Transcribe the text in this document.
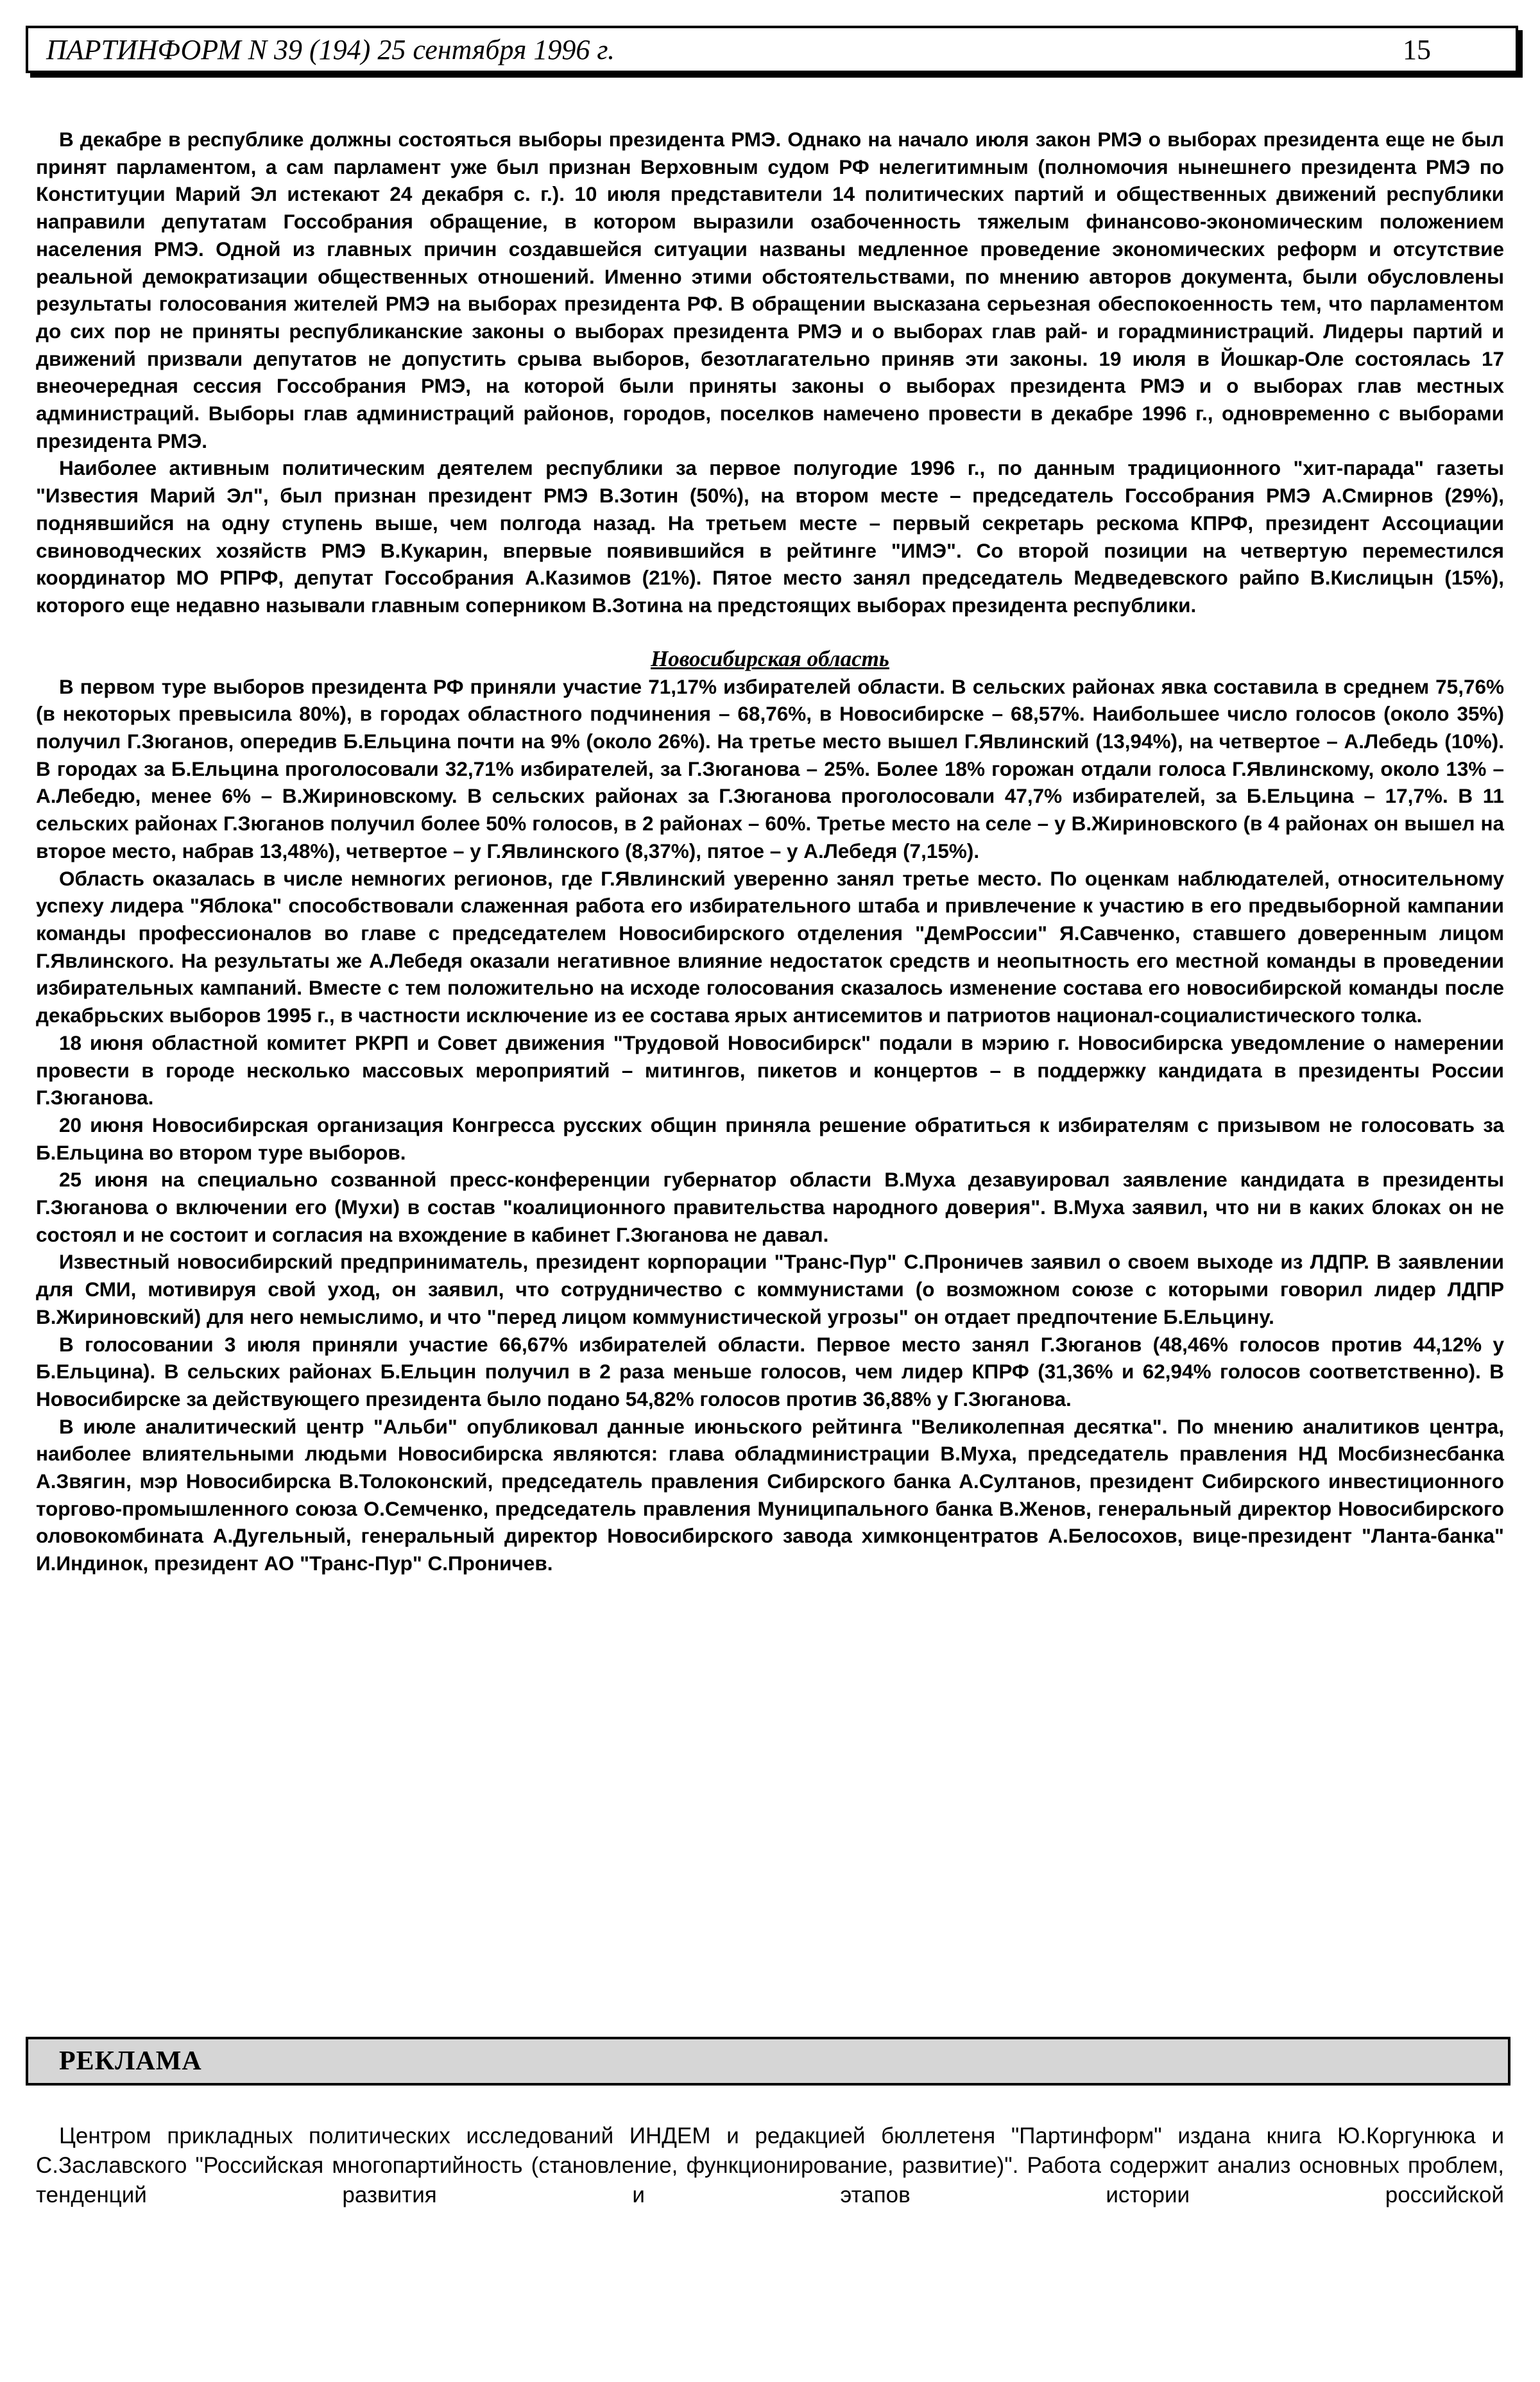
ПАРТИНФОРМ N 39 (194) 25 сентября 1996 г.	15

В декабре в республике должны состояться выборы президента РМЭ. Однако на начало июля закон РМЭ о выборах президента еще не был принят парламентом, а сам парламент уже был признан Верховным судом РФ нелегитимным (полномочия нынешнего президента РМЭ по Конституции Марий Эл истекают 24 декабря с. г.). 10 июля представители 14 политических партий и общественных движений республики направили депутатам Госсобрания обращение, в котором выразили озабоченность тяжелым финансово-экономическим положением населения РМЭ. Одной из главных причин создавшейся ситуации названы медленное проведение экономических реформ и отсутствие реальной демократизации общественных отношений. Именно этими обстоятельствами, по мнению авторов документа, были обусловлены результаты голосования жителей РМЭ на выборах президента РФ. В обращении высказана серьезная обеспокоенность тем, что парламентом до сих пор не приняты республиканские законы о выборах президента РМЭ и о выборах глав рай- и горадминистраций. Лидеры партий и движений призвали депутатов не допустить срыва выборов, безотлагательно приняв эти законы. 19 июля в Йошкар-Оле состоялась 17 внеочередная сессия Госсобрания РМЭ, на которой были приняты законы о выборах президента РМЭ и о выборах глав местных администраций. Выборы глав администраций районов, городов, поселков намечено провести в декабре 1996 г., одновременно с выборами президента РМЭ.

Наиболее активным политическим деятелем республики за первое полугодие 1996 г., по данным традиционного "хит-парада" газеты "Известия Марий Эл", был признан президент РМЭ В.Зотин (50%), на втором месте – председатель Госсобрания РМЭ А.Смирнов (29%), поднявшийся на одну ступень выше, чем полгода назад. На третьем месте – первый секретарь рескома КПРФ, президент Ассоциации свиноводческих хозяйств РМЭ В.Кукарин, впервые появившийся в рейтинге "ИМЭ". Со второй позиции на четвертую переместился координатор МО РПРФ, депутат Госсобрания А.Казимов (21%). Пятое место занял председатель Медведевского райпо В.Кислицын (15%), которого еще недавно называли главным соперником В.Зотина на предстоящих выборах президента республики.

Новосибирская область

В первом туре выборов президента РФ приняли участие 71,17% избирателей области. В сельских районах явка составила в среднем 75,76% (в некоторых превысила 80%), в городах областного подчинения – 68,76%, в Новосибирске – 68,57%. Наибольшее число голосов (около 35%) получил Г.Зюганов, опередив Б.Ельцина почти на 9% (около 26%). На третье место вышел Г.Явлинский (13,94%), на четвертое – А.Лебедь (10%). В городах за Б.Ельцина проголосовали 32,71% избирателей, за Г.Зюганова – 25%. Более 18% горожан отдали голоса Г.Явлинскому, около 13% – А.Лебедю, менее 6% – В.Жириновскому. В сельских районах за Г.Зюганова проголосовали 47,7% избирателей, за Б.Ельцина – 17,7%. В 11 сельских районах Г.Зюганов получил более 50% голосов, в 2 районах – 60%. Третье место на селе – у В.Жириновского (в 4 районах он вышел на второе место, набрав 13,48%), четвертое – у Г.Явлинского (8,37%), пятое – у А.Лебедя (7,15%).

Область оказалась в числе немногих регионов, где Г.Явлинский уверенно занял третье место. По оценкам наблюдателей, относительному успеху лидера "Яблока" способствовали слаженная работа его избирательного штаба и привлечение к участию в его предвыборной кампании команды профессионалов во главе с председателем Новосибирского отделения "ДемРоссии" Я.Савченко, ставшего доверенным лицом Г.Явлинского. На результаты же А.Лебедя оказали негативное влияние недостаток средств и неопытность его местной команды в проведении избирательных кампаний. Вместе с тем положительно на исходе голосования сказалось изменение состава его новосибирской команды после декабрьских выборов 1995 г., в частности исключение из ее состава ярых антисемитов и патриотов национал-социалистического толка.

18 июня областной комитет РКРП и Совет движения "Трудовой Новосибирск" подали в мэрию г. Новосибирска уведомление о намерении провести в городе несколько массовых мероприятий – митингов, пикетов и концертов – в поддержку кандидата в президенты России Г.Зюганова.

20 июня Новосибирская организация Конгресса русских общин приняла решение обратиться к избирателям с призывом не голосовать за Б.Ельцина во втором туре выборов.

25 июня на специально созванной пресс-конференции губернатор области В.Муха дезавуировал заявление кандидата в президенты Г.Зюганова о включении его (Мухи) в состав "коалиционного правительства народного доверия". В.Муха заявил, что ни в каких блоках он не состоял и не состоит и согласия на вхождение в кабинет Г.Зюганова не давал.

Известный новосибирский предприниматель, президент корпорации "Транс-Пур" С.Проничев заявил о своем выходе из ЛДПР. В заявлении для СМИ, мотивируя свой уход, он заявил, что сотрудничество с коммунистами (о возможном союзе с которыми говорил лидер ЛДПР В.Жириновский) для него немыслимо, и что "перед лицом коммунистической угрозы" он отдает предпочтение Б.Ельцину.

В голосовании 3 июля приняли участие 66,67% избирателей области. Первое место занял Г.Зюганов (48,46% голосов против 44,12% у Б.Ельцина). В сельских районах Б.Ельцин получил в 2 раза меньше голосов, чем лидер КПРФ (31,36% и 62,94% голосов соответственно). В Новосибирске за действующего президента было подано 54,82% голосов против 36,88% у Г.Зюганова.

В июле аналитический центр "Альби" опубликовал данные июньского рейтинга "Великолепная десятка". По мнению аналитиков центра, наиболее влиятельными людьми Новосибирска являются: глава обладминистрации В.Муха, председатель правления НД Мосбизнесбанка А.Звягин, мэр Новосибирска В.Толоконский, председатель правления Сибирского банка А.Султанов, президент Сибирского инвестиционного торгово-промышленного союза О.Семченко, председатель правления Муниципального банка В.Женов, генеральный директор Новосибирского оловокомбината А.Дугельный, генеральный директор Новосибирского завода химконцентратов А.Белосохов, вице-президент "Ланта-банка" И.Индинок, президент АО "Транс-Пур" С.Проничев.

РЕКЛАМА

Центром прикладных политических исследований ИНДЕМ и редакцией бюллетеня "Партинформ" издана книга Ю.Коргунюка и С.Заславского "Российская многопартийность (становление, функционирование, развитие)". Работа содержит анализ основных проблем, тенденций развития и этапов истории российской
